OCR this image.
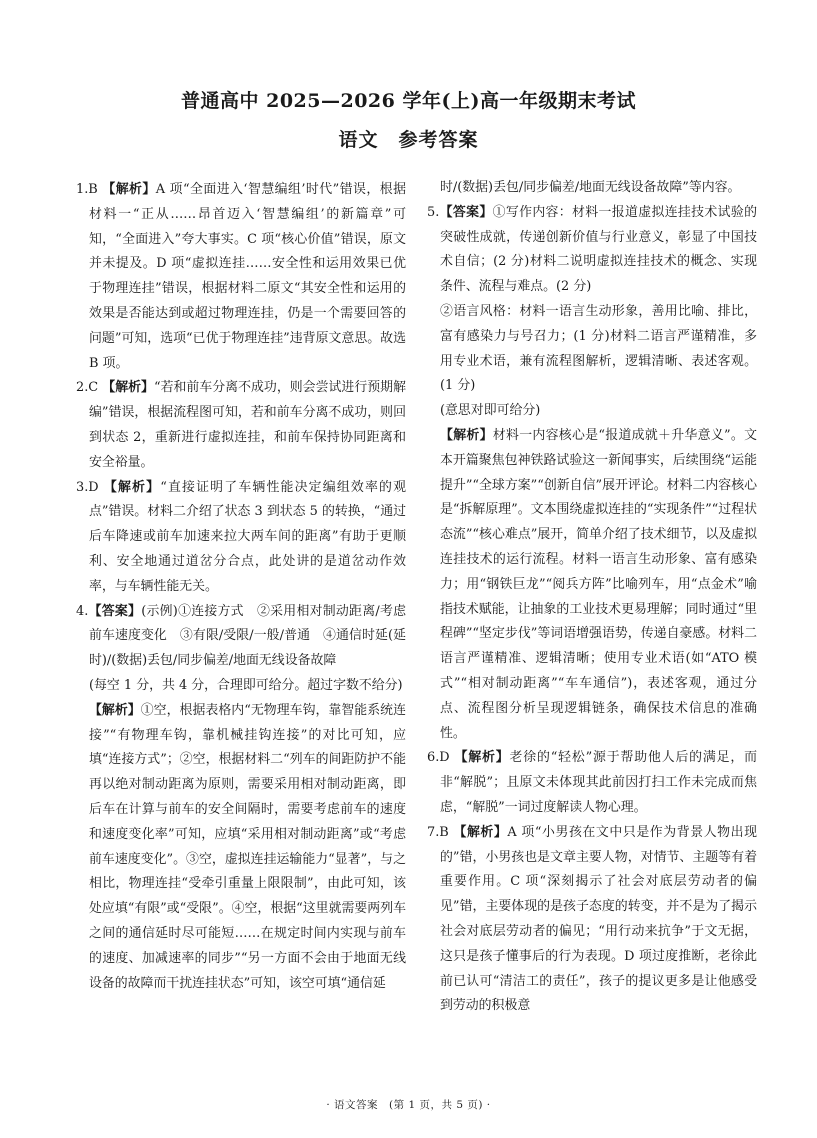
普通高中 2025—2026 学年(上)高一年级期末考试
语文　参考答案

1.B 【解析】A 项“全面进入‘智慧编组’时代”错误，根据材料一“正从……昂首迈入‘智慧编组’的新篇章”可知，“全面进入”夸大事实。C 项“核心价值”错误，原文并未提及。D 项“虚拟连挂……安全性和运用效果已优于物理连挂”错误，根据材料二原文“其安全性和运用的效果是否能达到或超过物理连挂，仍是一个需要回答的问题”可知，选项“已优于物理连挂”违背原文意思。故选 B 项。

2.C 【解析】“若和前车分离不成功，则会尝试进行预期解编”错误，根据流程图可知，若和前车分离不成功，则回到状态 2，重新进行虚拟连挂，和前车保持协同距离和安全裕量。

3.D 【解析】“直接证明了车辆性能决定编组效率的观点”错误。材料二介绍了状态 3 到状态 5 的转换，“通过后车降速或前车加速来拉大两车间的距离”有助于更顺利、安全地通过道岔分合点，此处讲的是道岔动作效率，与车辆性能无关。

4.【答案】(示例)①连接方式　②采用相对制动距离/考虑前车速度变化　③有限/受限/一般/普通　④通信时延(延时)/(数据)丢包/同步偏差/地面无线设备故障

(每空 1 分，共 4 分，合理即可给分。超过字数不给分)

【解析】①空，根据表格内“无物理车钩，靠智能系统连接”“有物理车钩，靠机械挂钩连接”的对比可知，应填“连接方式”；②空，根据材料二“列车的间距防护不能再以绝对制动距离为原则，需要采用相对制动距离，即后车在计算与前车的安全间隔时，需要考虑前车的速度和速度变化率”可知，应填“采用相对制动距离”或“考虑前车速度变化”。③空，虚拟连挂运输能力“显著”，与之相比，物理连挂“受牵引重量上限限制”，由此可知，该处应填“有限”或“受限”。④空，根据“这里就需要两列车之间的通信延时尽可能短……在规定时间内实现与前车的速度、加减速率的同步”“另一方面不会由于地面无线设备的故障而干扰连挂状态”可知，该空可填“通信延

时/(数据)丢包/同步偏差/地面无线设备故障”等内容。

5.【答案】①写作内容：材料一报道虚拟连挂技术试验的突破性成就，传递创新价值与行业意义，彰显了中国技术自信；(2 分)材料二说明虚拟连挂技术的概念、实现条件、流程与难点。(2 分)

②语言风格：材料一语言生动形象，善用比喻、排比，富有感染力与号召力；(1 分)材料二语言严谨精准，多用专业术语，兼有流程图解析，逻辑清晰、表述客观。(1 分)

(意思对即可给分)

【解析】材料一内容核心是“报道成就＋升华意义”。文本开篇聚焦包神铁路试验这一新闻事实，后续围绕“运能提升”“全球方案”“创新自信”展开评论。材料二内容核心是“拆解原理”。文本围绕虚拟连挂的“实现条件”“过程状态流”“核心难点”展开，简单介绍了技术细节，以及虚拟连挂技术的运行流程。材料一语言生动形象、富有感染力；用“钢铁巨龙”“阅兵方阵”比喻列车，用“点金术”喻指技术赋能，让抽象的工业技术更易理解；同时通过“里程碑”“坚定步伐”等词语增强语势，传递自豪感。材料二语言严谨精准、逻辑清晰；使用专业术语(如“ATO 模式”“相对制动距离”“车车通信”)，表述客观，通过分点、流程图分析呈现逻辑链条，确保技术信息的准确性。

6.D 【解析】老徐的“轻松”源于帮助他人后的满足，而非“解脱”；且原文未体现其此前因打扫工作未完成而焦虑，“解脱”一词过度解读人物心理。

7.B 【解析】A 项“小男孩在文中只是作为背景人物出现的”错，小男孩也是文章主要人物，对情节、主题等有着重要作用。C 项“深刻揭示了社会对底层劳动者的偏见”错，主要体现的是孩子态度的转变，并不是为了揭示社会对底层劳动者的偏见；“用行动来抗争”于文无据，这只是孩子懂事后的行为表现。D 项过度推断，老徐此前已认可“清洁工的责任”，孩子的提议更多是让他感受到劳动的积极意

· 语文答案　(第 1 页，共 5 页) ·
